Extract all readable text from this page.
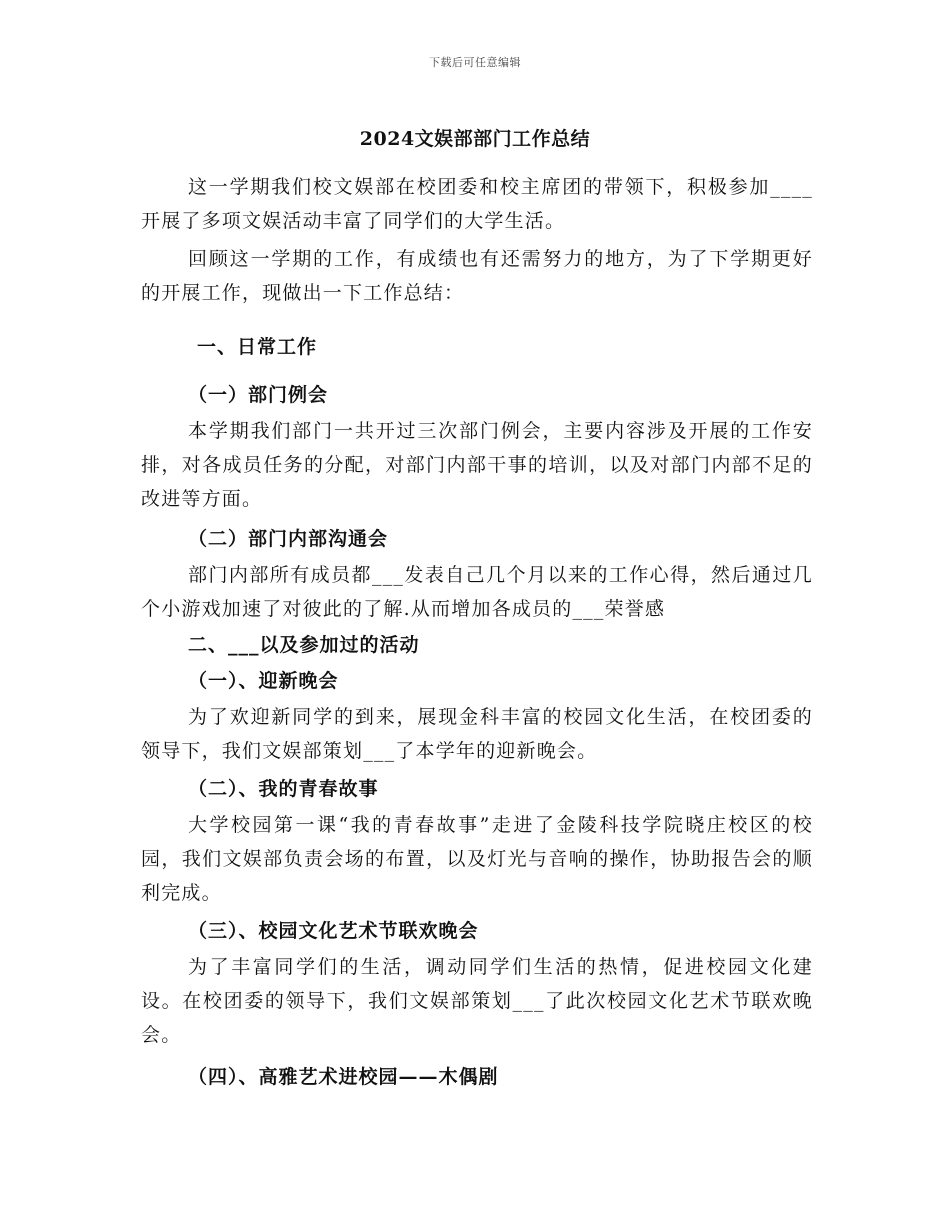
下载后可任意编辑
2024文娱部部门工作总结

这一学期我们校文娱部在校团委和校主席团的带领下，积极参加____开展了多项文娱活动丰富了同学们的大学生活。

回顾这一学期的工作，有成绩也有还需努力的地方，为了下学期更好的开展工作，现做出一下工作总结：

一、日常工作

（一）部门例会

本学期我们部门一共开过三次部门例会，主要内容涉及开展的工作安排，对各成员任务的分配，对部门内部干事的培训，以及对部门内部不足的改进等方面。

（二）部门内部沟通会

部门内部所有成员都___发表自己几个月以来的工作心得，然后通过几个小游戏加速了对彼此的了解.从而增加各成员的___荣誉感

二、___以及参加过的活动

（一）、迎新晚会

为了欢迎新同学的到来，展现金科丰富的校园文化生活，在校团委的领导下，我们文娱部策划___了本学年的迎新晚会。

（二）、我的青春故事

大学校园第一课“我的青春故事”走进了金陵科技学院晓庄校区的校园，我们文娱部负责会场的布置，以及灯光与音响的操作，协助报告会的顺利完成。

（三）、校园文化艺术节联欢晚会

为了丰富同学们的生活，调动同学们生活的热情，促进校园文化建设。在校团委的领导下，我们文娱部策划___了此次校园文化艺术节联欢晚会。

（四）、高雅艺术进校园——木偶剧
